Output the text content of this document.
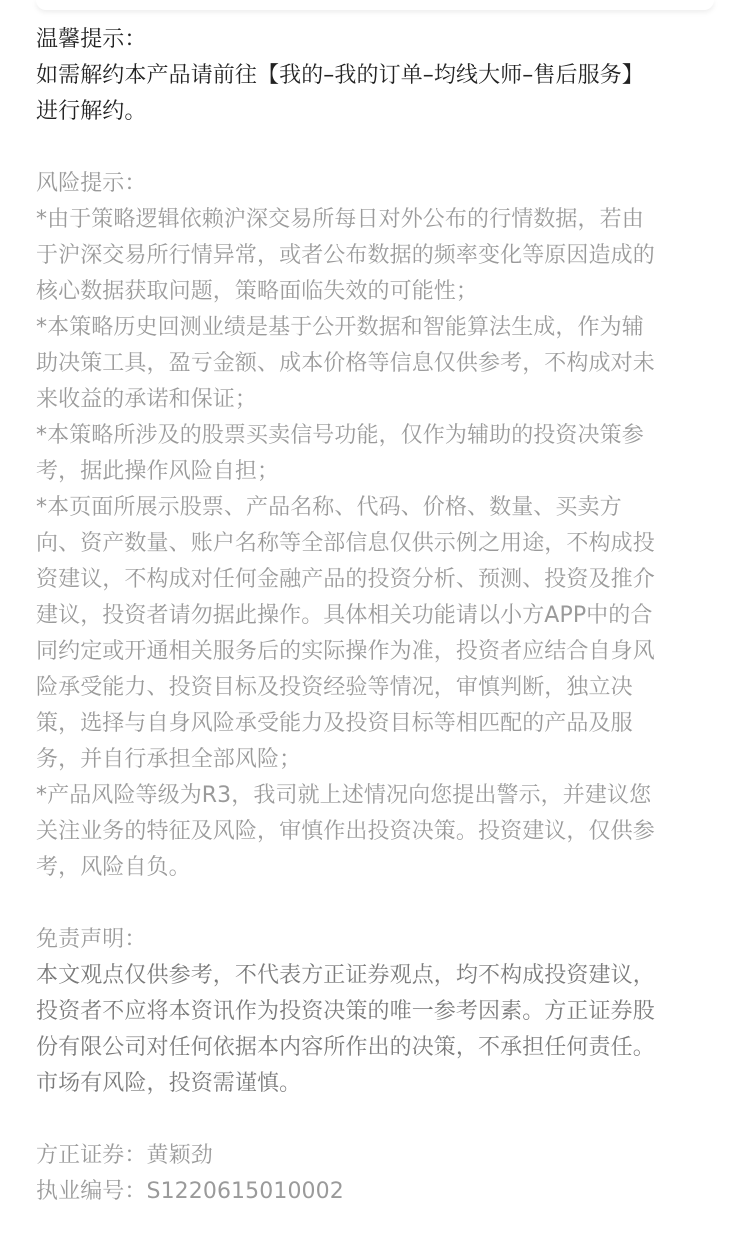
温馨提示：

如需解约本产品请前往【我的–我的订单–均线大师–售后服务】

进行解约。

风险提示：

*由于策略逻辑依赖沪深交易所每日对外公布的行情数据，若由

于沪深交易所行情异常，或者公布数据的频率变化等原因造成的

核心数据获取问题，策略面临失效的可能性；

*本策略历史回测业绩是基于公开数据和智能算法生成，作为辅

助决策工具，盈亏金额、成本价格等信息仅供参考，不构成对未

来收益的承诺和保证；

*本策略所涉及的股票买卖信号功能，仅作为辅助的投资决策参

考，据此操作风险自担；

*本页面所展示股票、产品名称、代码、价格、数量、买卖方

向、资产数量、账户名称等全部信息仅供示例之用途，不构成投

资建议，不构成对任何金融产品的投资分析、预测、投资及推介

建议，投资者请勿据此操作。具体相关功能请以小方APP中的合

同约定或开通相关服务后的实际操作为准，投资者应结合自身风

险承受能力、投资目标及投资经验等情况，审慎判断，独立决

策，选择与自身风险承受能力及投资目标等相匹配的产品及服

务，并自行承担全部风险；

*产品风险等级为R3，我司就上述情况向您提出警示，并建议您

关注业务的特征及风险，审慎作出投资决策。投资建议，仅供参

考，风险自负。

免责声明：

本文观点仅供参考，不代表方正证券观点，均不构成投资建议，

投资者不应将本资讯作为投资决策的唯一参考因素。方正证券股

份有限公司对任何依据本内容所作出的决策，不承担任何责任。

市场有风险，投资需谨慎。

方正证券：黄颖劲

执业编号：S1220615010002
